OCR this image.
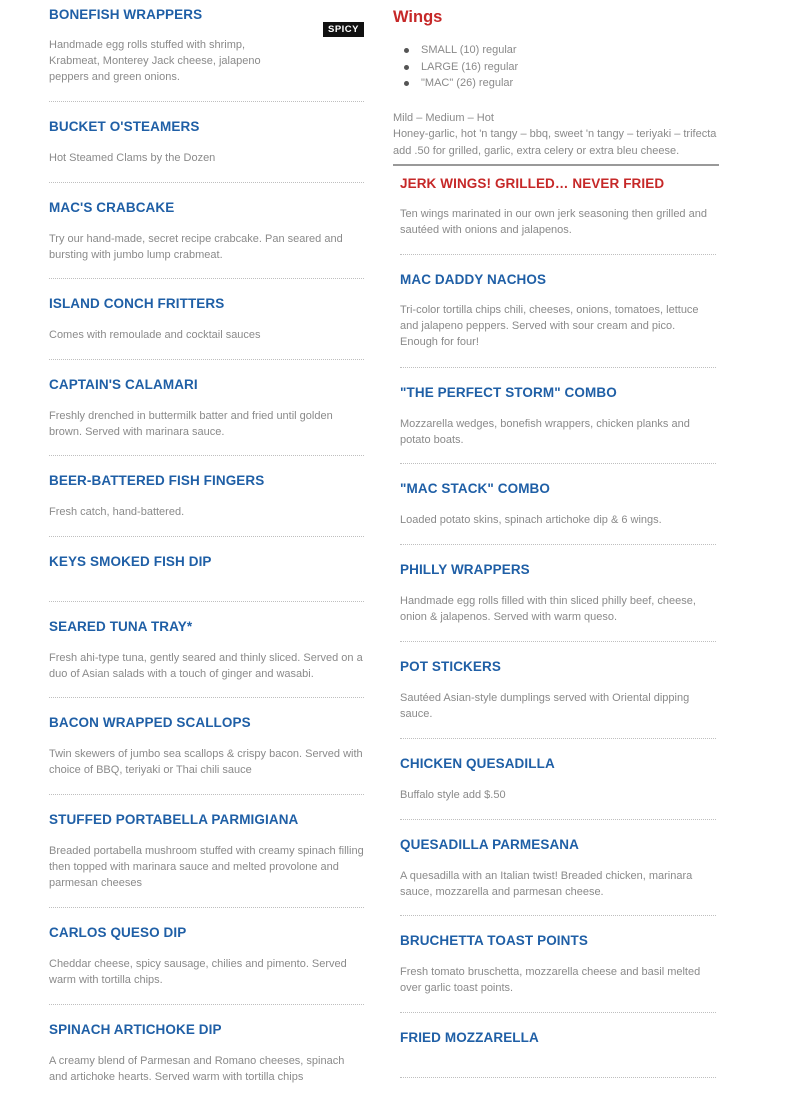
BONEFISH WRAPPERS
SPICY

Handmade egg rolls stuffed with shrimp, Krabmeat, Monterey Jack cheese, jalapeno peppers and green onions.

BUCKET O'STEAMERS

Hot Steamed Clams by the Dozen

MAC'S CRABCAKE

Try our hand-made, secret recipe crabcake. Pan seared and bursting with jumbo lump crabmeat.

ISLAND CONCH FRITTERS

Comes with remoulade and cocktail sauces

CAPTAIN'S CALAMARI

Freshly drenched in buttermilk batter and fried until golden brown. Served with marinara sauce.

BEER-BATTERED FISH FINGERS

Fresh catch, hand-battered.

KEYS SMOKED FISH DIP

SEARED TUNA TRAY*

Fresh ahi-type tuna, gently seared and thinly sliced. Served on a duo of Asian salads with a touch of ginger and wasabi.

BACON WRAPPED SCALLOPS

Twin skewers of jumbo sea scallops & crispy bacon. Served with choice of BBQ, teriyaki or Thai chili sauce

STUFFED PORTABELLA PARMIGIANA

Breaded portabella mushroom stuffed with creamy spinach filling then topped with marinara sauce and melted provolone and parmesan cheeses

CARLOS QUESO DIP

Cheddar cheese, spicy sausage, chilies and pimento. Served warm with tortilla chips.

SPINACH ARTICHOKE DIP

A creamy blend of Parmesan and Romano cheeses, spinach and artichoke hearts. Served warm with tortilla chips

Wings
SMALL (10) regular
LARGE (16) regular
"MAC" (26) regular

Mild – Medium – Hot

Honey-garlic, hot 'n tangy – bbq, sweet 'n tangy – teriyaki – trifecta

add .50 for grilled, garlic, extra celery or extra bleu cheese.

JERK WINGS! GRILLED… NEVER FRIED

Ten wings marinated in our own jerk seasoning then grilled and sautéed with onions and jalapenos.

MAC DADDY NACHOS

Tri-color tortilla chips chili, cheeses, onions, tomatoes, lettuce and jalapeno peppers. Served with sour cream and pico. Enough for four!

"THE PERFECT STORM" COMBO

Mozzarella wedges, bonefish wrappers, chicken planks and potato boats.

"MAC STACK" COMBO

Loaded potato skins, spinach artichoke dip & 6 wings.

PHILLY WRAPPERS

Handmade egg rolls filled with thin sliced philly beef, cheese, onion & jalapenos. Served with warm queso.

POT STICKERS

Sautéed Asian-style dumplings served with Oriental dipping sauce.

CHICKEN QUESADILLA

Buffalo style add $.50

QUESADILLA PARMESANA

A quesadilla with an Italian twist! Breaded chicken, marinara sauce, mozzarella and parmesan cheese.

BRUCHETTA TOAST POINTS

Fresh tomato bruschetta, mozzarella cheese and basil melted over garlic toast points.

FRIED MOZZARELLA
